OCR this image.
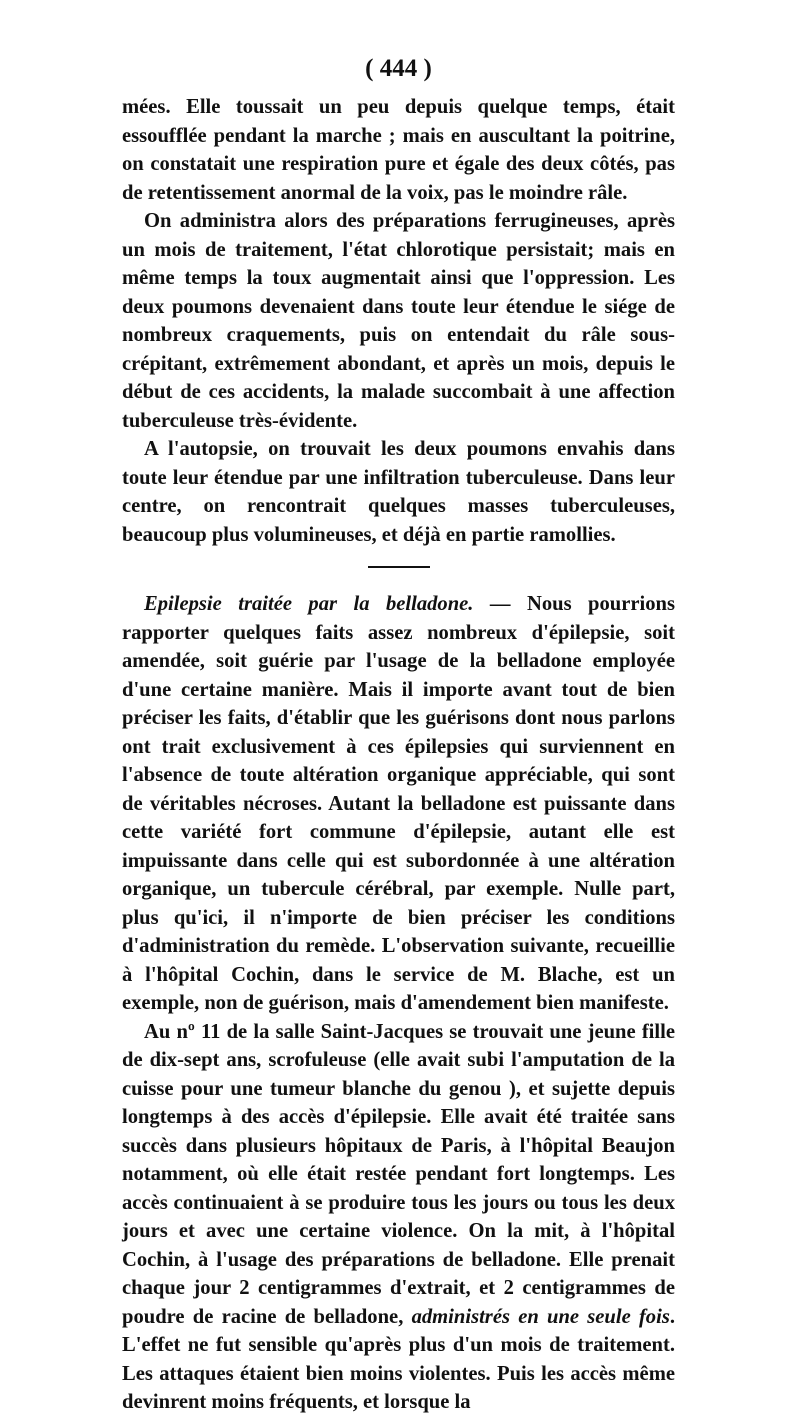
( 444 )

mées. Elle toussait un peu depuis quelque temps, était essoufflée pendant la marche ; mais en auscultant la poitrine, on constatait une respiration pure et égale des deux côtés, pas de retentissement anormal de la voix, pas le moindre râle.

On administra alors des préparations ferrugineuses, après un mois de traitement, l'état chlorotique persistait; mais en même temps la toux augmentait ainsi que l'oppression. Les deux poumons devenaient dans toute leur étendue le siége de nombreux craquements, puis on entendait du râle sous-crépitant, extrêmement abondant, et après un mois, depuis le début de ces accidents, la malade succombait à une affection tuberculeuse très-évidente.

A l'autopsie, on trouvait les deux poumons envahis dans toute leur étendue par une infiltration tuberculeuse. Dans leur centre, on rencontrait quelques masses tuberculeuses, beaucoup plus volumineuses, et déjà en partie ramollies.

Epilepsie traitée par la belladone. — Nous pourrions rapporter quelques faits assez nombreux d'épilepsie, soit amendée, soit guérie par l'usage de la belladone employée d'une certaine manière. Mais il importe avant tout de bien préciser les faits, d'établir que les guérisons dont nous parlons ont trait exclusivement à ces épilepsies qui surviennent en l'absence de toute altération organique appréciable, qui sont de véritables nécroses. Autant la belladone est puissante dans cette variété fort commune d'épilepsie, autant elle est impuissante dans celle qui est subordonnée à une altération organique, un tubercule cérébral, par exemple. Nulle part, plus qu'ici, il n'importe de bien préciser les conditions d'administration du remède. L'observation suivante, recueillie à l'hôpital Cochin, dans le service de M. Blache, est un exemple, non de guérison, mais d'amendement bien manifeste.

Au nº 11 de la salle Saint-Jacques se trouvait une jeune fille de dix-sept ans, scrofuleuse (elle avait subi l'amputation de la cuisse pour une tumeur blanche du genou ), et sujette depuis longtemps à des accès d'épilepsie. Elle avait été traitée sans succès dans plusieurs hôpitaux de Paris, à l'hôpital Beaujon notamment, où elle était restée pendant fort longtemps. Les accès continuaient à se produire tous les jours ou tous les deux jours et avec une certaine violence. On la mit, à l'hôpital Cochin, à l'usage des préparations de belladone. Elle prenait chaque jour 2 centigrammes d'extrait, et 2 centigrammes de poudre de racine de belladone, administrés en une seule fois. L'effet ne fut sensible qu'après plus d'un mois de traitement. Les attaques étaient bien moins violentes. Puis les accès même devinrent moins fréquents, et lorsque la
